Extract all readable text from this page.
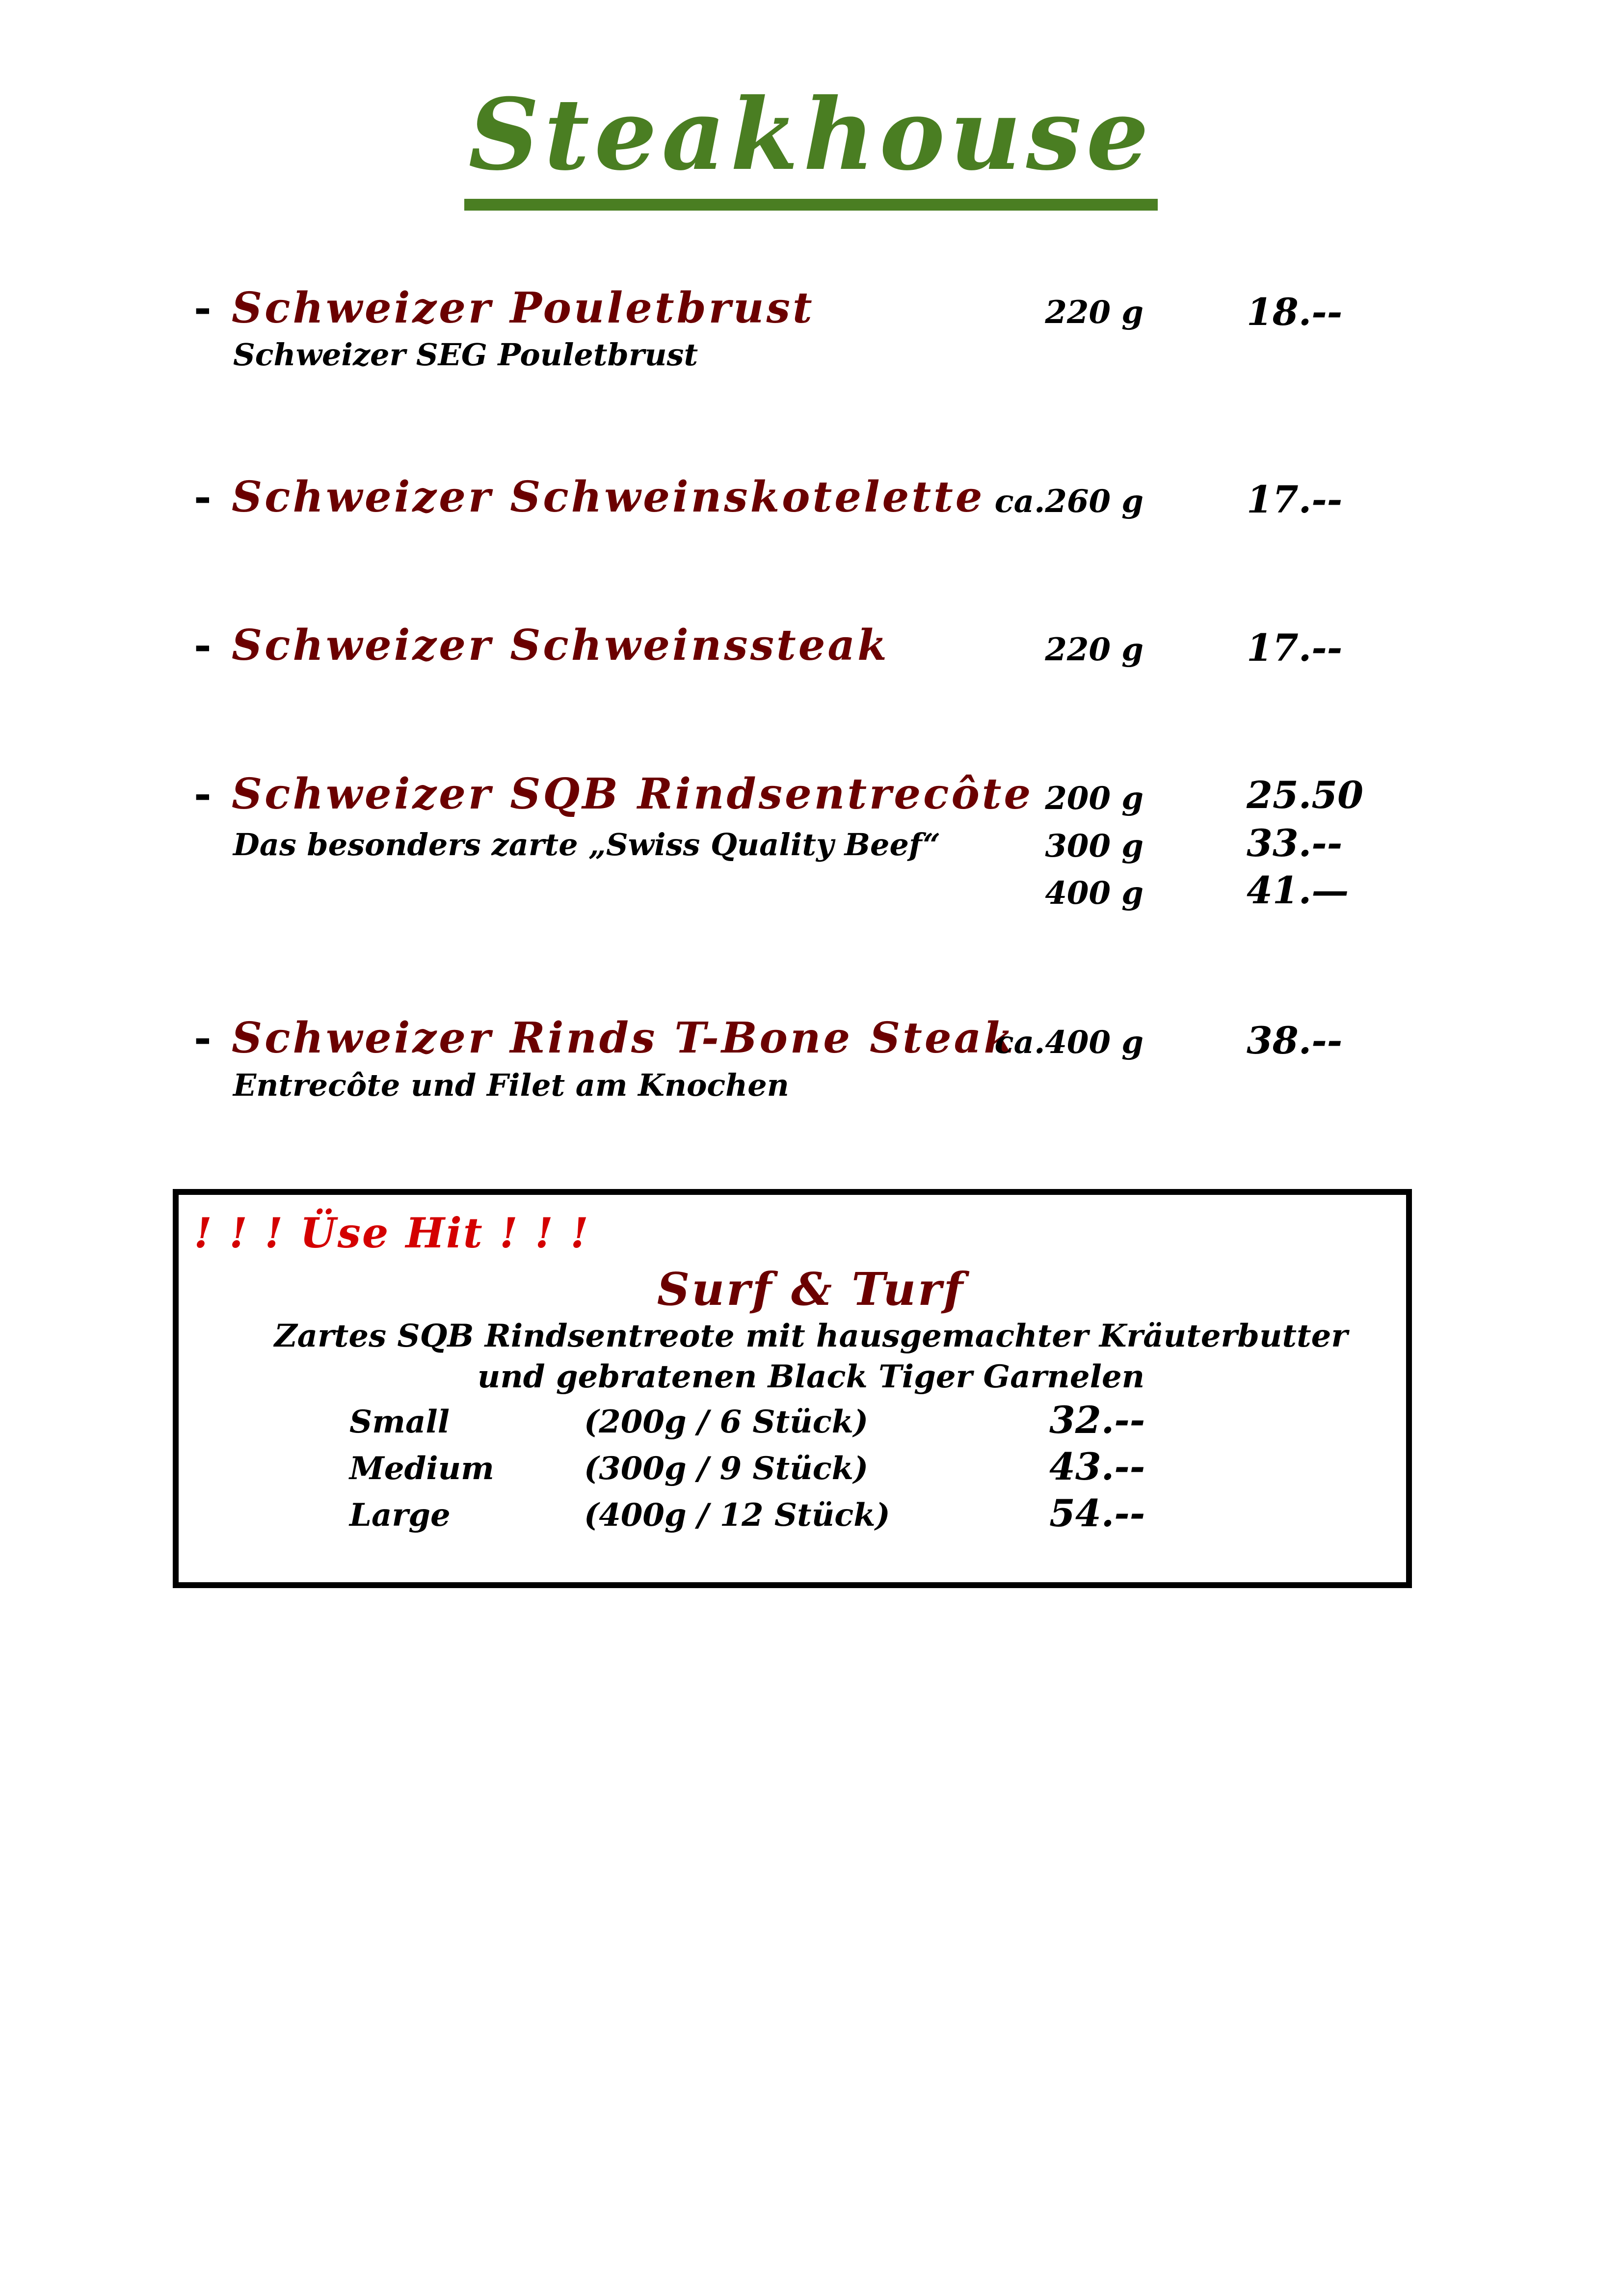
Steakhouse
- Schweizer Pouletbrust
Schweizer SEG Pouletbrust
220 g	18.--
- Schweizer Schweinskotelette ca.260 g	17.--
- Schweizer Schweinssteak	220 g	17.--
- Schweizer SQB Rindsentrecôte
Das besonders zarte „Swiss Quality Beef“
200 g	25.50
300 g	33.--
400 g	41.—
- Schweizer Rinds T-Bone Steak
Entrecôte und Filet am Knochen
ca.400 g	38.--
! ! ! Üse Hit ! ! !
Surf & Turf
Zartes SQB Rindsentreote mit hausgemachter Kräuterbutter
und gebratenen Black Tiger Garnelen
Small	(200g / 6 Stück)	32.--
Medium	(300g / 9 Stück)	43.--
Large	(400g / 12 Stück)	54.--
